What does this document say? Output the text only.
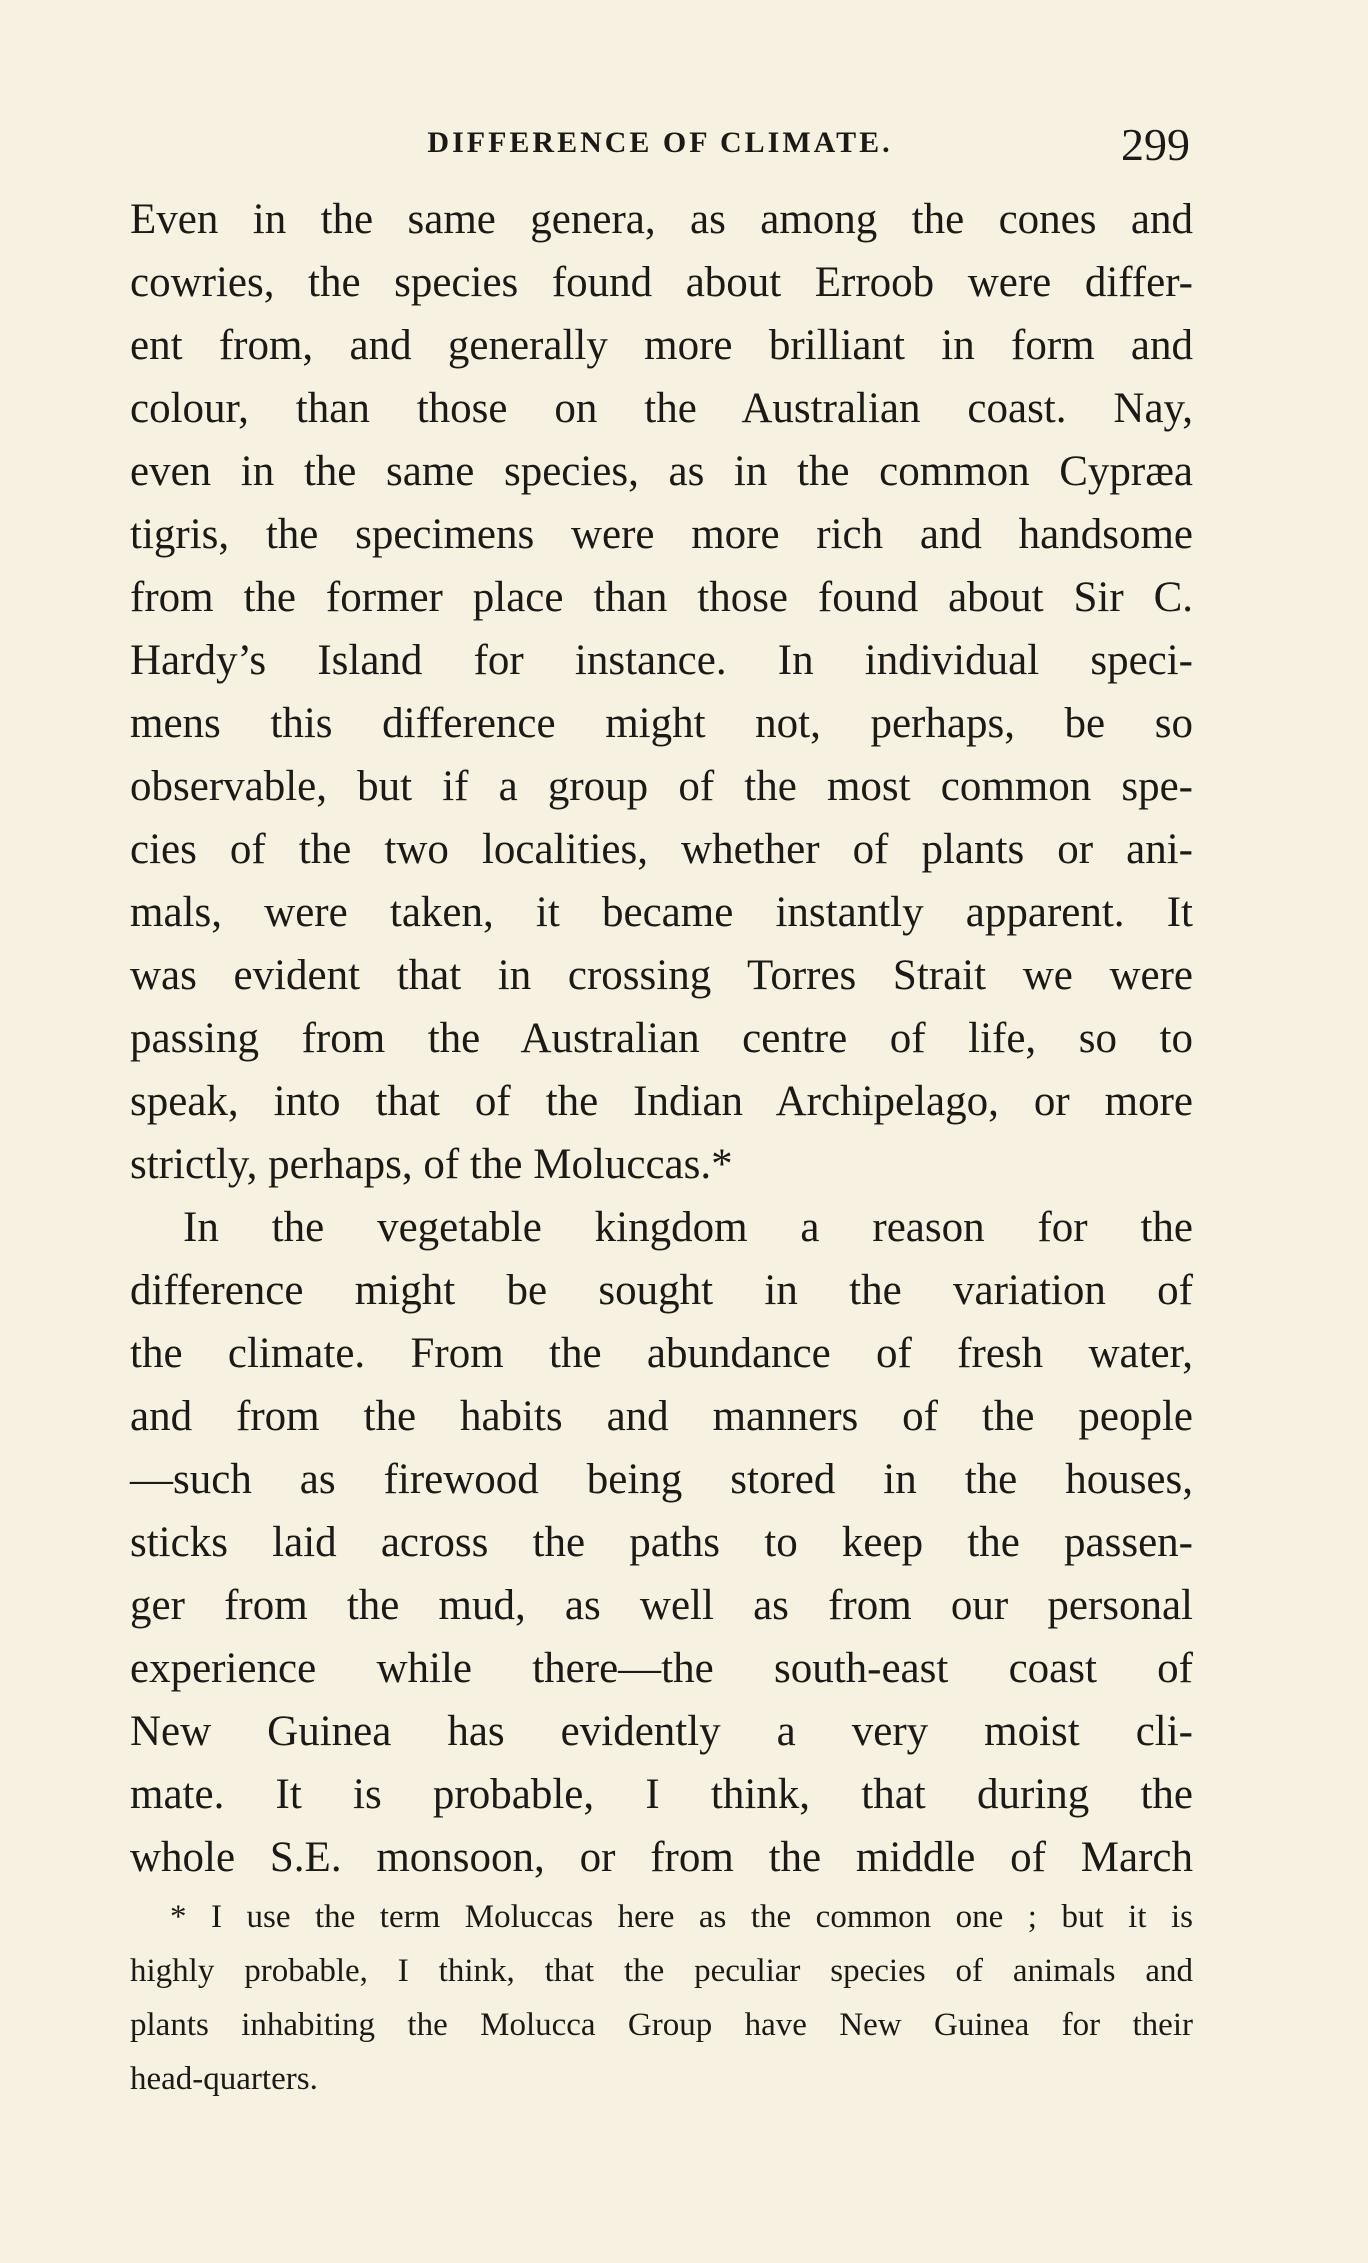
DIFFERENCE OF CLIMATE.	299
Even in the same genera, as among the cones and
cowries, the species found about Erroob were differ-
ent from, and generally more brilliant in form and
colour, than those on the Australian coast. Nay,
even in the same species, as in the common Cypræa
tigris, the specimens were more rich and handsome
from the former place than those found about Sir C.
Hardy’s Island for instance. In individual speci-
mens this difference might not, perhaps, be so
observable, but if a group of the most common spe-
cies of the two localities, whether of plants or ani-
mals, were taken, it became instantly apparent. It
was evident that in crossing Torres Strait we were
passing from the Australian centre of life, so to
speak, into that of the Indian Archipelago, or more
strictly, perhaps, of the Moluccas.*
In the vegetable kingdom a reason for the
difference might be sought in the variation of
the climate. From the abundance of fresh water,
and from the habits and manners of the people
—such as firewood being stored in the houses,
sticks laid across the paths to keep the passen-
ger from the mud, as well as from our personal
experience while there—the south-east coast of
New Guinea has evidently a very moist cli-
mate. It is probable, I think, that during the
whole S.E. monsoon, or from the middle of March
* I use the term Moluccas here as the common one ; but it is
highly probable, I think, that the peculiar species of animals and
plants inhabiting the Molucca Group have New Guinea for their
head-quarters.
